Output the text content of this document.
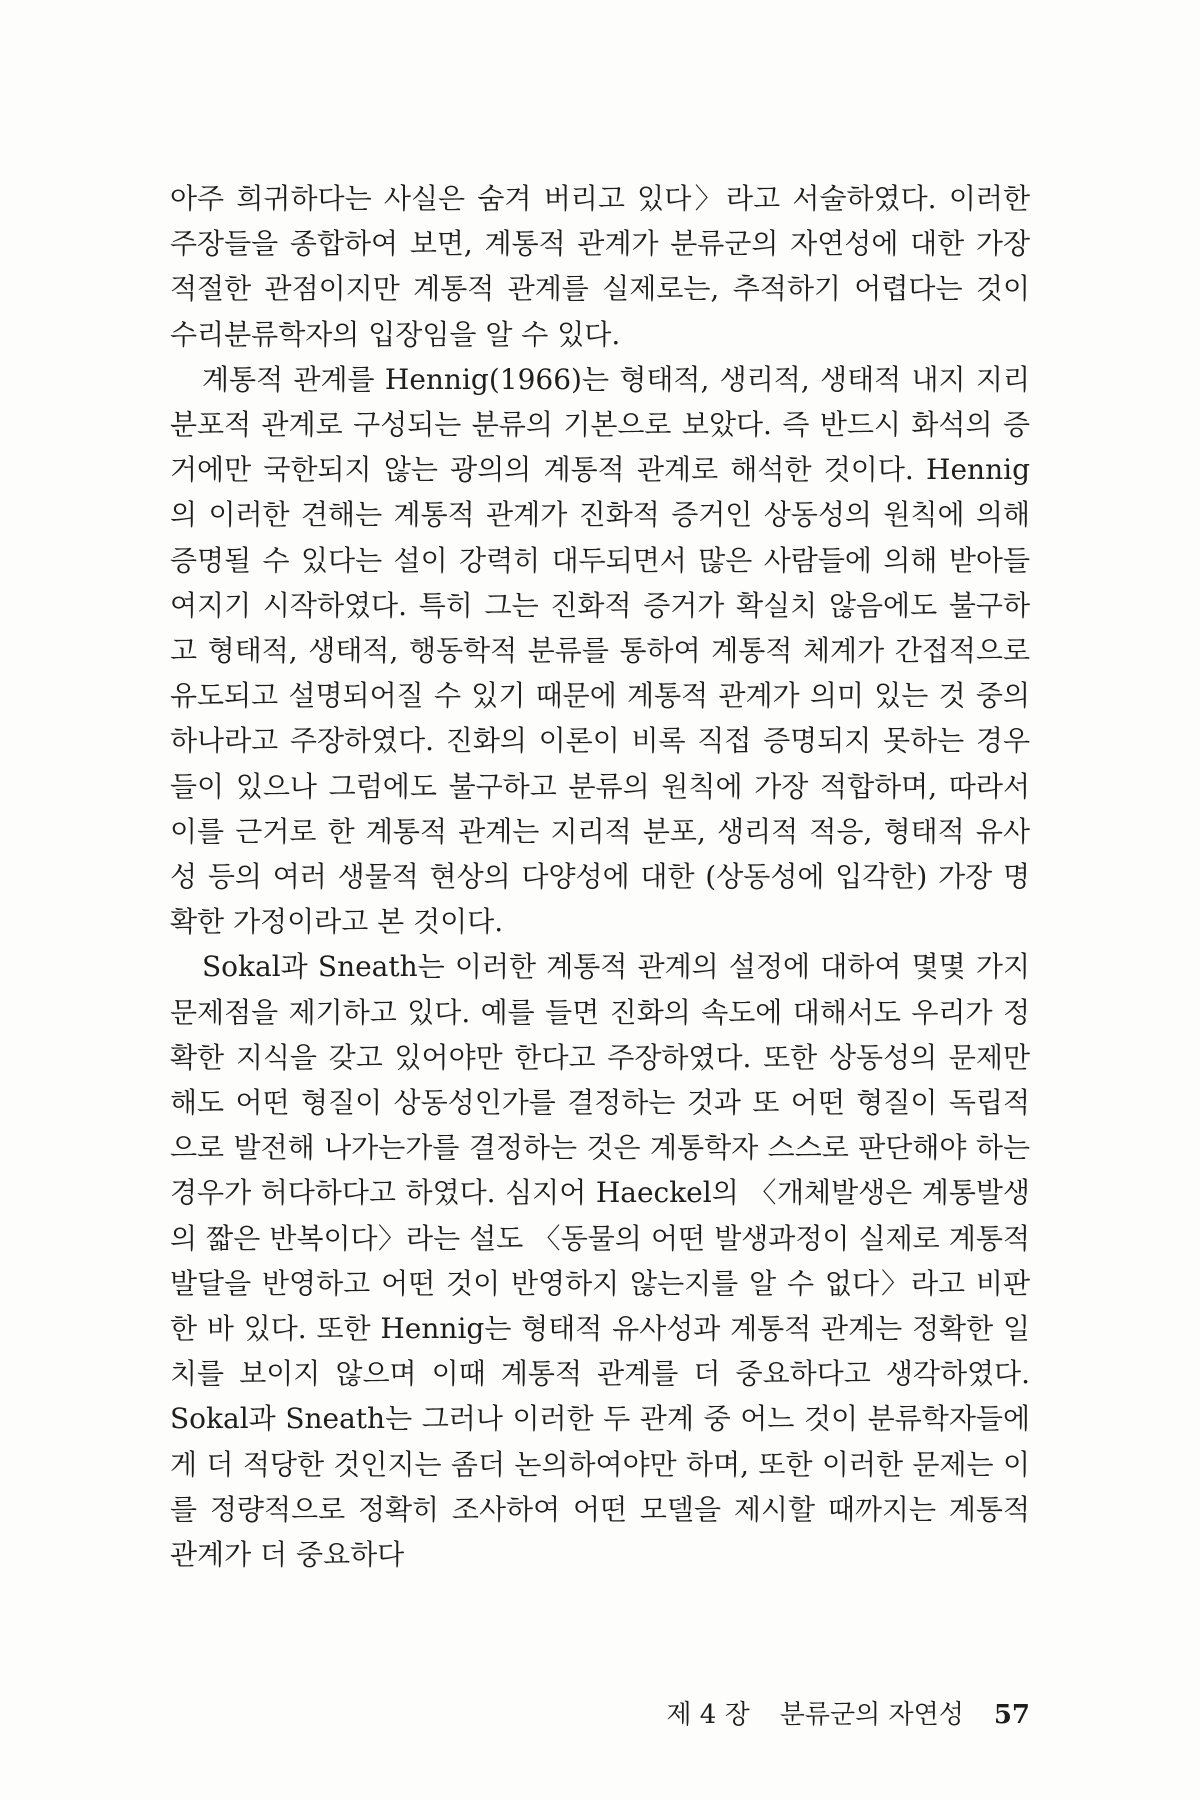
아주 희귀하다는 사실은 숨겨 버리고 있다〉라고 서술하였다. 이러한 주장들을 종합하여 보면, 계통적 관계가 분류군의 자연성에 대한 가장 적절한 관점이지만 계통적 관계를 실제로는, 추적하기 어렵다는 것이 수리분류학자의 입장임을 알 수 있다.

계통적 관계를 Hennig(1966)는 형태적, 생리적, 생태적 내지 지리 분포적 관계로 구성되는 분류의 기본으로 보았다. 즉 반드시 화석의 증거에만 국한되지 않는 광의의 계통적 관계로 해석한 것이다. Hennig의 이러한 견해는 계통적 관계가 진화적 증거인 상동성의 원칙에 의해 증명될 수 있다는 설이 강력히 대두되면서 많은 사람들에 의해 받아들여지기 시작하였다. 특히 그는 진화적 증거가 확실치 않음에도 불구하고 형태적, 생태적, 행동학적 분류를 통하여 계통적 체계가 간접적으로 유도되고 설명되어질 수 있기 때문에 계통적 관계가 의미 있는 것 중의 하나라고 주장하였다. 진화의 이론이 비록 직접 증명되지 못하는 경우들이 있으나 그럼에도 불구하고 분류의 원칙에 가장 적합하며, 따라서 이를 근거로 한 계통적 관계는 지리적 분포, 생리적 적응, 형태적 유사성 등의 여러 생물적 현상의 다양성에 대한 (상동성에 입각한) 가장 명확한 가정이라고 본 것이다.

Sokal과 Sneath는 이러한 계통적 관계의 설정에 대하여 몇몇 가지 문제점을 제기하고 있다. 예를 들면 진화의 속도에 대해서도 우리가 정확한 지식을 갖고 있어야만 한다고 주장하였다. 또한 상동성의 문제만 해도 어떤 형질이 상동성인가를 결정하는 것과 또 어떤 형질이 독립적으로 발전해 나가는가를 결정하는 것은 계통학자 스스로 판단해야 하는 경우가 허다하다고 하였다. 심지어 Haeckel의 〈개체발생은 계통발생의 짧은 반복이다〉라는 설도 〈동물의 어떤 발생과정이 실제로 계통적 발달을 반영하고 어떤 것이 반영하지 않는지를 알 수 없다〉라고 비판한 바 있다. 또한 Hennig는 형태적 유사성과 계통적 관계는 정확한 일치를 보이지 않으며 이때 계통적 관계를 더 중요하다고 생각하였다. Sokal과 Sneath는 그러나 이러한 두 관계 중 어느 것이 분류학자들에게 더 적당한 것인지는 좀더 논의하여야만 하며, 또한 이러한 문제는 이를 정량적으로 정확히 조사하여 어떤 모델을 제시할 때까지는 계통적 관계가 더 중요하다

제 4 장 분류군의 자연성 57
